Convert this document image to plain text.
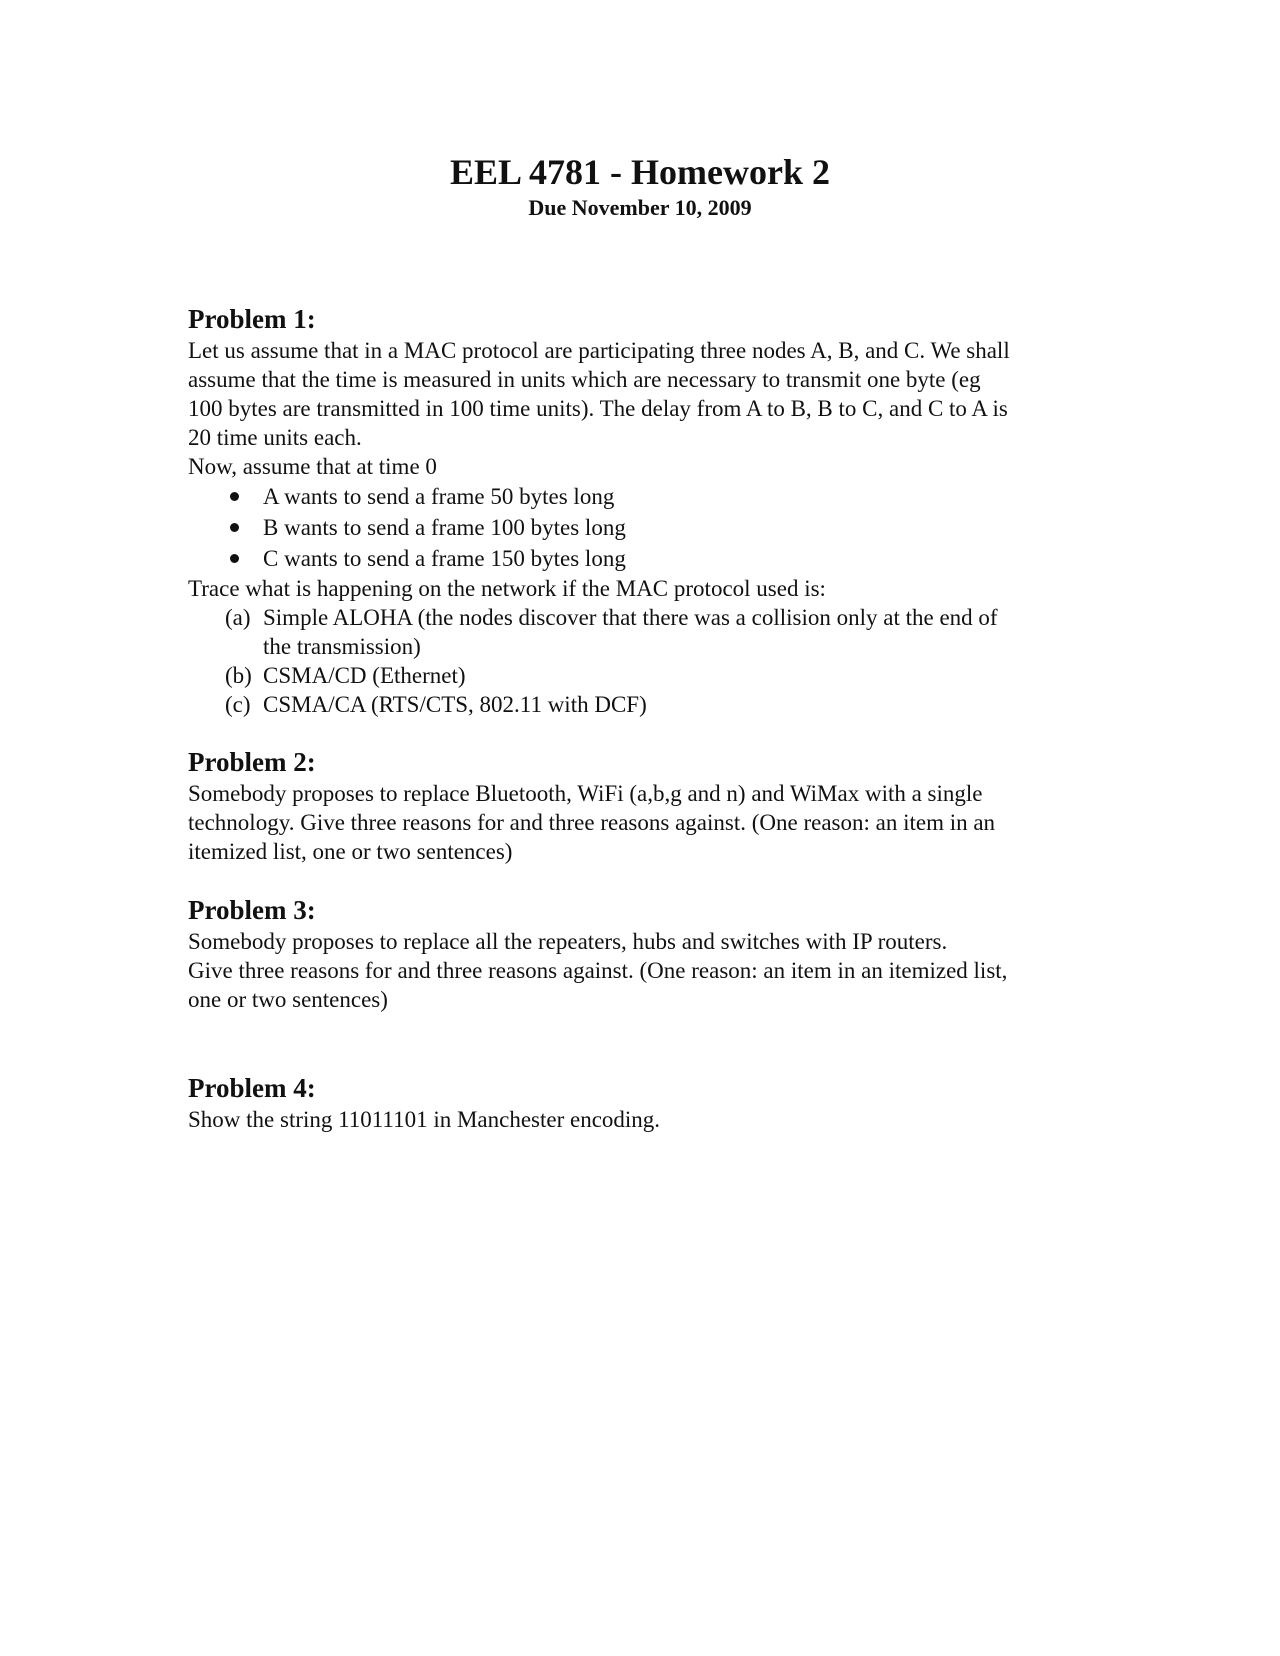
EEL 4781 - Homework 2
Due November 10, 2009
Problem 1:
Let us assume that in a MAC protocol are participating three nodes A, B, and C. We shall
assume that the time is measured in units which are necessary to transmit one byte (eg
100 bytes are transmitted in 100 time units). The delay from A to B, B to C, and C to A is
20 time units each.
Now, assume that at time 0
A wants to send a frame 50 bytes long
B wants to send a frame 100 bytes long
C wants to send a frame 150 bytes long
Trace what is happening on the network if the MAC protocol used is:
(a) Simple ALOHA (the nodes discover that there was a collision only at the end of
the transmission)
(b) CSMA/CD (Ethernet)
(c) CSMA/CA (RTS/CTS, 802.11 with DCF)
Problem 2:
Somebody proposes to replace Bluetooth, WiFi (a,b,g and n) and WiMax with a single
technology. Give three reasons for and three reasons against. (One reason: an item in an
itemized list, one or two sentences)
Problem 3:
Somebody proposes to replace all the repeaters, hubs and switches with IP routers.
Give three reasons for and three reasons against. (One reason: an item in an itemized list,
one or two sentences)
Problem 4:
Show the string 11011101 in Manchester encoding.
